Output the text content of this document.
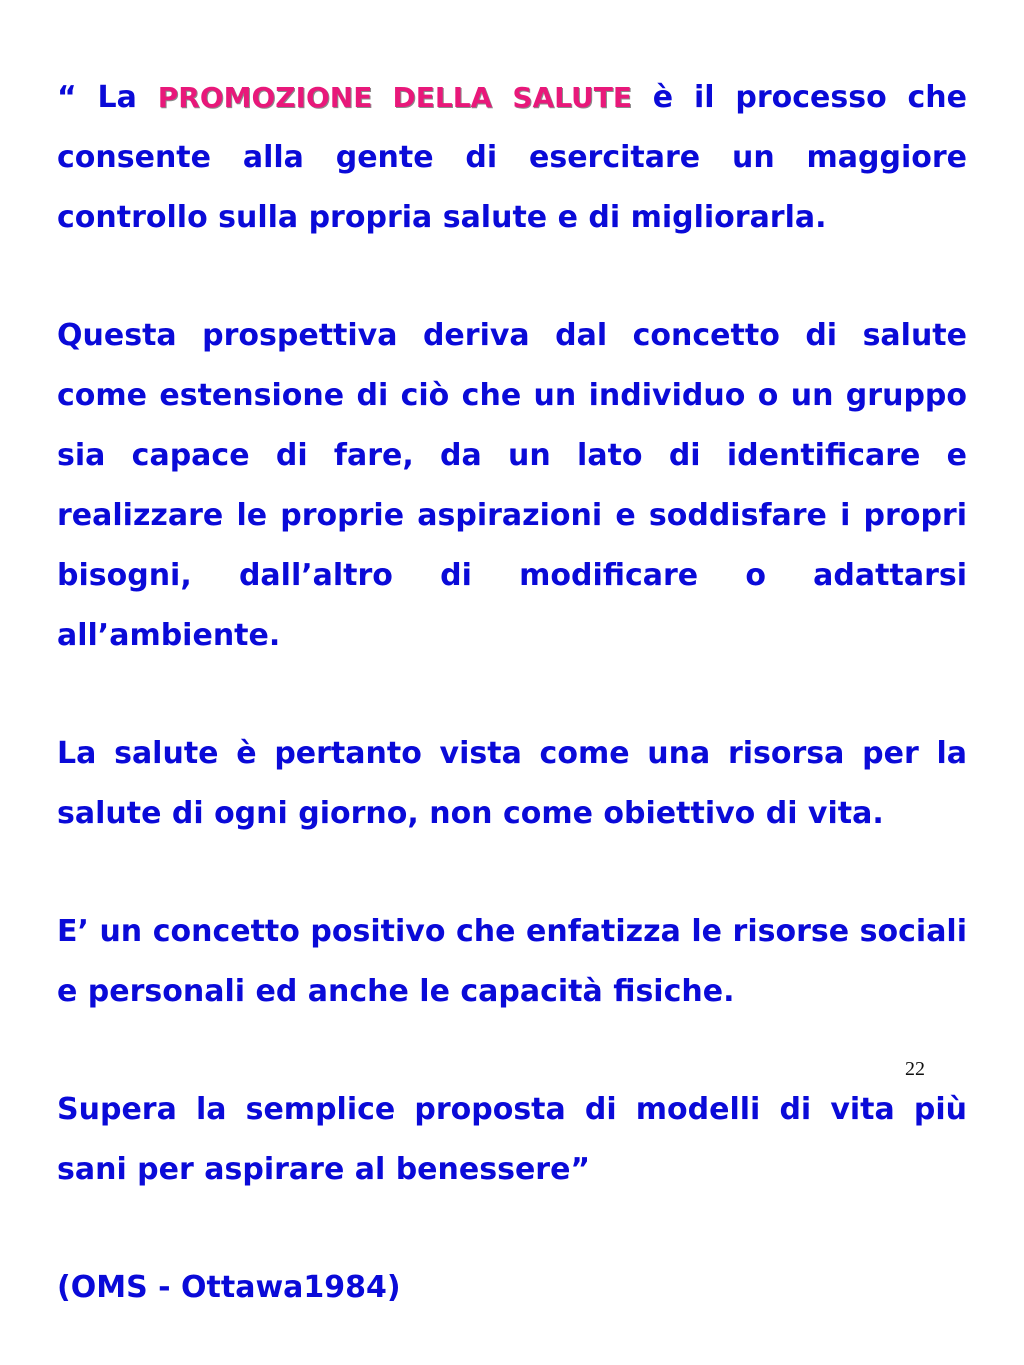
“ La PROMOZIONE DELLA SALUTE è il processo che consente alla gente di esercitare un maggiore controllo sulla propria salute e di migliorarla.

Questa prospettiva deriva dal concetto di salute come estensione di ciò che un individuo o un gruppo sia capace di fare, da un lato di identificare e realizzare le proprie aspirazioni e soddisfare i propri bisogni, dall’altro di modificare o adattarsi all’ambiente.

La salute è pertanto vista come una risorsa per la salute di ogni giorno, non come obiettivo di vita.

E’ un concetto positivo che enfatizza le risorse sociali e personali ed anche le capacità fisiche.

Supera la semplice proposta di modelli di vita più sani per aspirare al benessere”

(OMS - Ottawa1984)

22
